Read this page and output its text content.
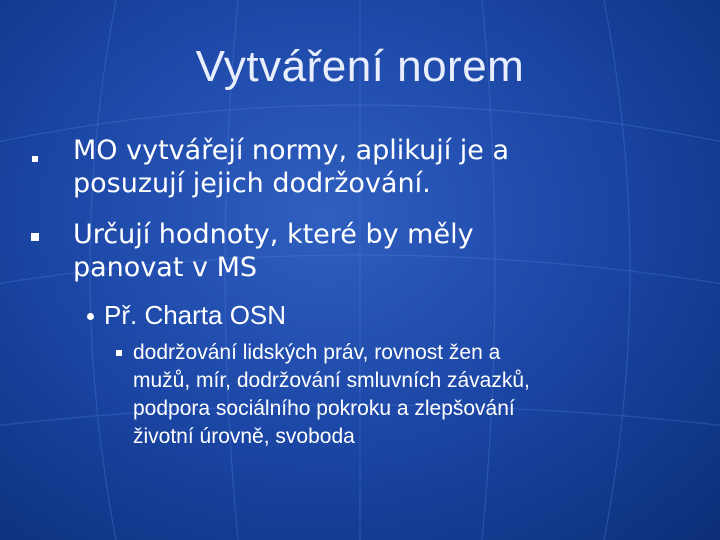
Vytváření norem
MO vytvářejí normy, aplikují je a
posuzují jejich dodržování.
Určují hodnoty, které by měly
panovat v MS
Př. Charta OSN
dodržování lidských práv, rovnost žen a
mužů, mír, dodržování smluvních závazků,
podpora sociálního pokroku a zlepšování
životní úrovně, svoboda
